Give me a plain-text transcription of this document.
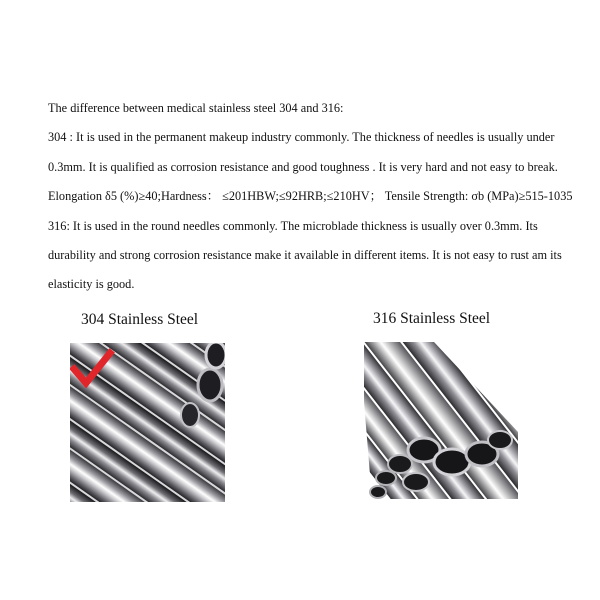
The difference between medical stainless steel 304 and 316:
304 : It is used in the permanent makeup industry commonly. The thickness of needles is usually under
0.3mm. It is qualified as corrosion resistance and good toughness . It is very hard and not easy to break.
Elongation δ5 (%)≥40;Hardness： ≤201HBW;≤92HRB;≤210HV； Tensile Strength: σb (MPa)≥515-1035
316: It is used in the round needles commonly. The microblade thickness is usually over 0.3mm. Its
durability and strong corrosion resistance make it available in different items. It is not easy to rust am its
elasticity is good.
304 Stainless Steel	316 Stainless Steel
